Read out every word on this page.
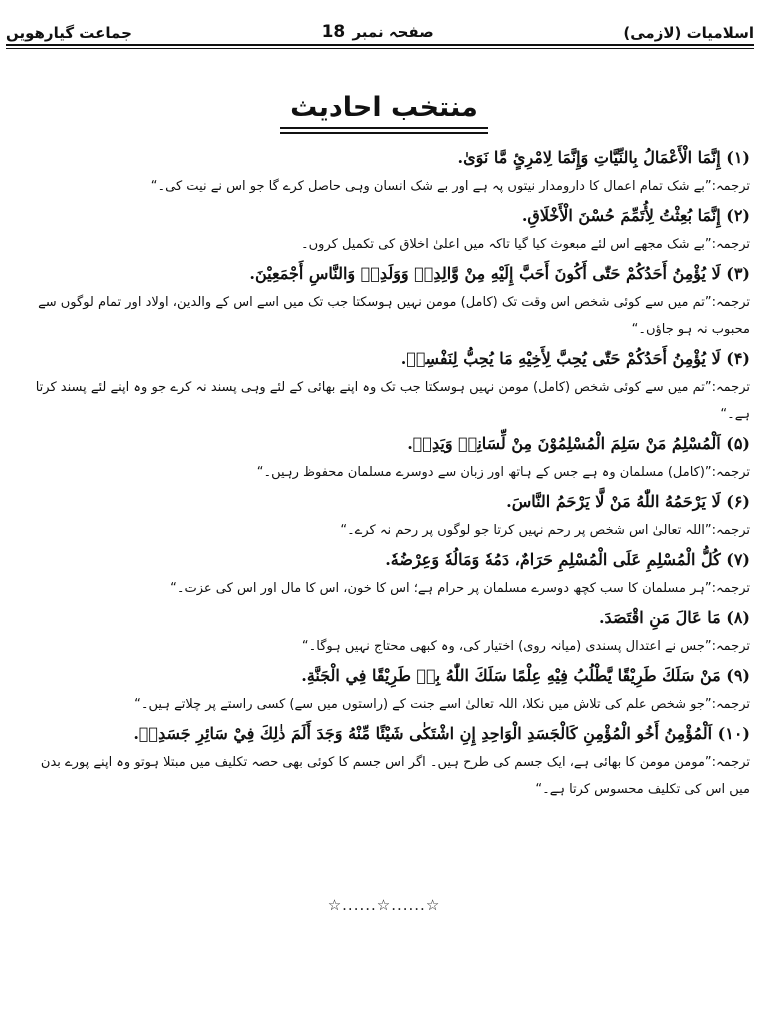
اسلامیات (لازمی)
صفحہ نمبر 18
جماعت گیارھویں
منتخب احادیث
(۱) إِنَّمَا الْأَعْمَالُ بِالنِّيَّاتِ وَإِنَّمَا لِامْرِئٍ مَّا نَوَىٰ.
ترجمہ:”بے شک تمام اعمال کا دارومدار نیتوں پہ ہے اور بے شک انسان وہی حاصل کرے گا جو اس نے نیت کی۔“
(۲) إِنَّمَا بُعِثْتُ لِأُتَمِّمَ حُسْنَ الْأَخْلَاقِ.
ترجمہ:”بے شک مجھے اس لئے مبعوث کیا گیا تاکہ میں اعلیٰ اخلاق کی تکمیل کروں۔
(۳) لَا يُؤْمِنُ أَحَدُكُمْ حَتّٰى أَكُونَ أَحَبَّ إِلَيْهِ مِنْ وَّالِدِهٖ وَوَلَدِهٖ وَالنَّاسِ أَجْمَعِيْنَ.
ترجمہ:”تم میں سے کوئی شخص اس وقت تک (کامل) مومن نہیں ہوسکتا جب تک میں اسے اس کے والدین، اولاد اور تمام لوگوں سے محبوب نہ ہو جاؤں۔“
(۴) لَا يُؤْمِنُ أَحَدُكُمْ حَتّٰى يُحِبَّ لِأَخِيْهِ مَا يُحِبُّ لِنَفْسِهٖ.
ترجمہ:”تم میں سے کوئی شخص (کامل) مومن نہیں ہوسکتا جب تک وہ اپنے بھائی کے لئے وہی پسند نہ کرے جو وہ اپنے لئے پسند کرتا ہے۔“
(۵) اَلْمُسْلِمُ مَنْ سَلِمَ الْمُسْلِمُوْنَ مِنْ لِّسَانِهٖ وَيَدِهٖ.
ترجمہ:”(کامل) مسلمان وہ ہے جس کے ہاتھ اور زبان سے دوسرے مسلمان محفوظ رہیں۔“
(۶) لَا يَرْحَمُهُ اللّٰهُ مَنْ لَّا يَرْحَمُ النَّاسَ.
ترجمہ:”اللہ تعالیٰ اس شخص پر رحم نہیں کرتا جو لوگوں پر رحم نہ کرے۔“
(۷) كُلُّ الْمُسْلِمِ عَلَى الْمُسْلِمِ حَرَامٌ، دَمُهٗ وَمَالُهٗ وَعِرْضُهٗ.
ترجمہ:”ہر مسلمان کا سب کچھ دوسرے مسلمان پر حرام ہے؛ اس کا خون، اس کا مال اور اس کی عزت۔“
(۸) مَا عَالَ مَنِ اقْتَصَدَ.
ترجمہ:”جس نے اعتدال پسندی (میانہ روی) اختیار کی، وہ کبھی محتاج نہیں ہوگا۔“
(۹) مَنْ سَلَكَ طَرِيْقًا يَّطْلُبُ فِيْهِ عِلْمًا سَلَكَ اللّٰهُ بِهٖ طَرِيْقًا فِي الْجَنَّةِ.
ترجمہ:”جو شخص علم کی تلاش میں نکلا، اللہ تعالیٰ اسے جنت کے (راستوں میں سے) کسی راستے پر چلاتے ہیں۔“
(۱۰) اَلْمُؤْمِنُ أَخُو الْمُؤْمِنِ كَالْجَسَدِ الْوَاحِدِ إِنِ اشْتَكٰى شَيْئًا مِّنْهُ وَجَدَ أَلَمَ ذٰلِكَ فِيْ سَائِرِ جَسَدِهٖ.
ترجمہ:”مومن مومن کا بھائی ہے، ایک جسم کی طرح ہیں۔ اگر اس جسم کا کوئی بھی حصہ تکلیف میں مبتلا ہوتو وہ اپنے پورے بدن میں اس کی تکلیف محسوس کرتا ہے۔“
☆......☆......☆
